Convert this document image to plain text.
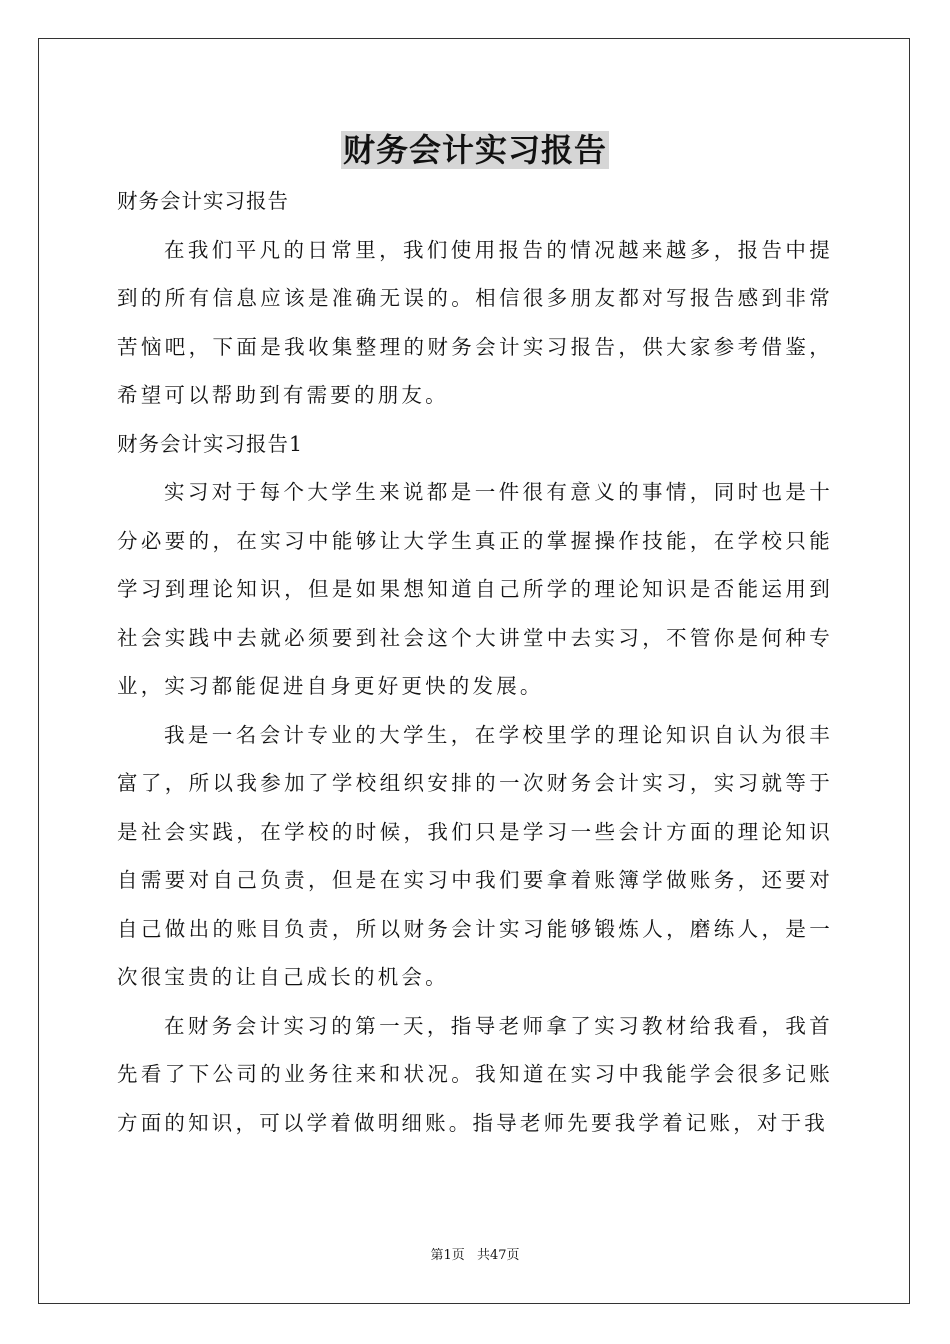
财务会计实习报告

财务会计实习报告

在我们平凡的日常里，我们使用报告的情况越来越多，报告中提到的所有信息应该是准确无误的。相信很多朋友都对写报告感到非常苦恼吧，下面是我收集整理的财务会计实习报告，供大家参考借鉴，希望可以帮助到有需要的朋友。

财务会计实习报告1

实习对于每个大学生来说都是一件很有意义的事情，同时也是十分必要的，在实习中能够让大学生真正的掌握操作技能，在学校只能学习到理论知识，但是如果想知道自己所学的理论知识是否能运用到社会实践中去就必须要到社会这个大讲堂中去实习，不管你是何种专业，实习都能促进自身更好更快的发展。

我是一名会计专业的大学生，在学校里学的理论知识自认为很丰富了，所以我参加了学校组织安排的一次财务会计实习，实习就等于是社会实践，在学校的时候，我们只是学习一些会计方面的理论知识自需要对自己负责，但是在实习中我们要拿着账簿学做账务，还要对自己做出的账目负责，所以财务会计实习能够锻炼人，磨练人，是一次很宝贵的让自己成长的机会。

在财务会计实习的第一天，指导老师拿了实习教材给我看，我首先看了下公司的业务往来和状况。我知道在实习中我能学会很多记账方面的知识，可以学着做明细账。指导老师先要我学着记账，对于我

第1页 共47页
